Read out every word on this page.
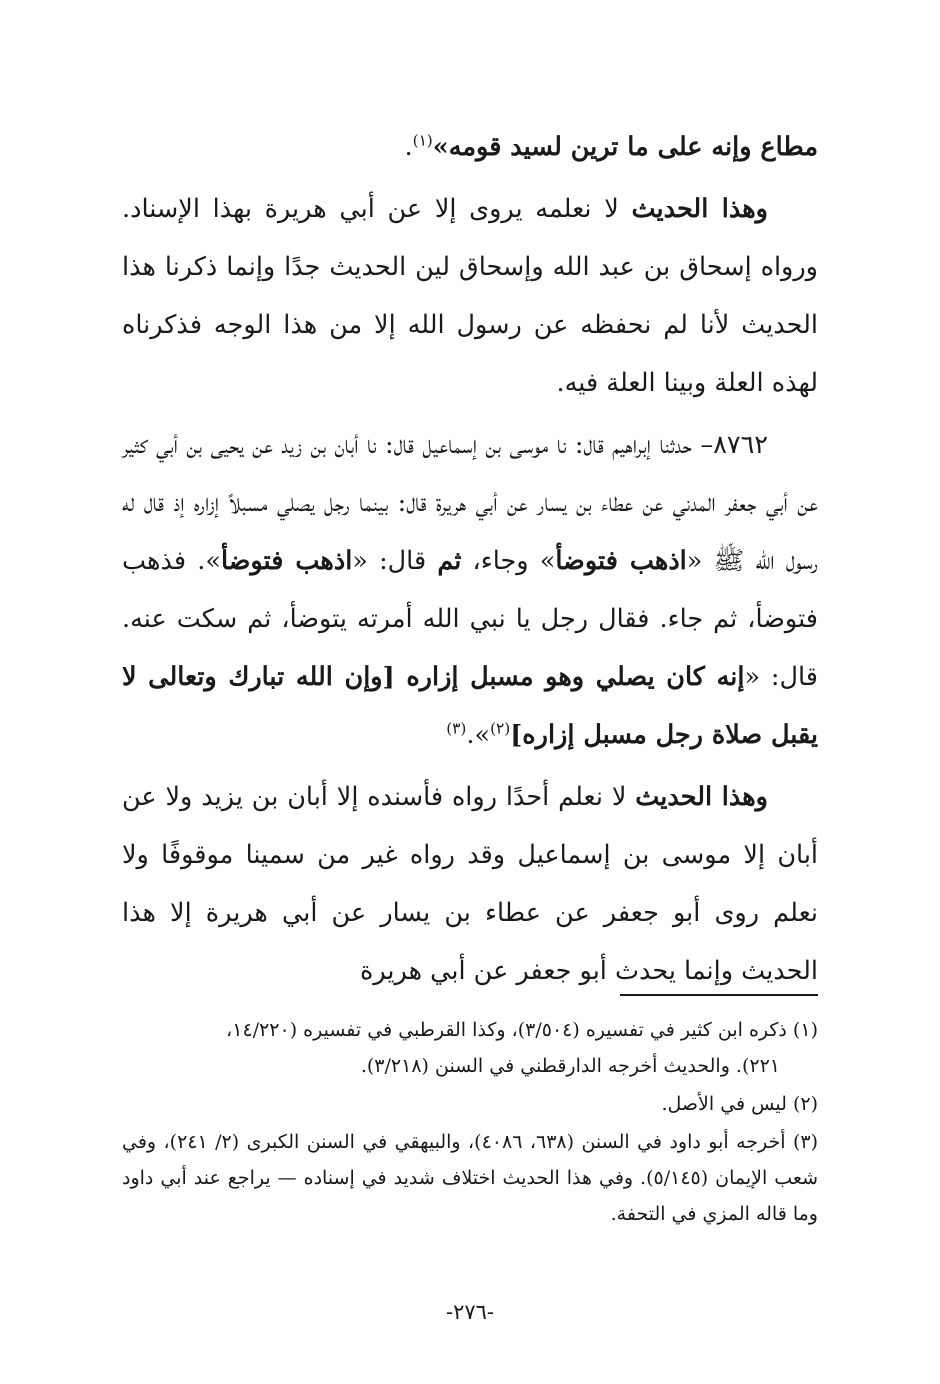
مطاع وإنه على ما ترين لسيد قومه»$^{(١)}$.

وهذا الحديث لا نعلمه يروى إلا عن أبي هريرة بهذا الإسناد. ورواه إسحاق بن عبد الله وإسحاق لين الحديث جدًا وإنما ذكرنا هذا الحديث لأنا لم نحفظه عن رسول الله إلا من هذا الوجه فذكرناه لهذه العلة وبينا العلة فيه.

٨٧٦٢– حدثنا إبراهيم قال: نا موسى بن إسماعيل قال: نا أبان بن زيد عن يحيى بن أبي كثير عن أبي جعفر المدني عن عطاء بن يسار عن أبي هريرة قال: بينما رجل يصلي مسبلاً إزاره إذ قال له رسول الله ﷺ «اذهب فتوضأ» وجاء، ثم قال: «اذهب فتوضأ». فذهب فتوضأ، ثم جاء. فقال رجل يا نبي الله أمرته يتوضأ، ثم سكت عنه. قال: «إنه كان يصلي وهو مسبل إزاره [وإن الله تبارك وتعالى لا يقبل صلاة رجل مسبل إزاره]$^{(٢)}$».$^{(٣)}$

وهذا الحديث لا نعلم أحدًا رواه فأسنده إلا أبان بن يزيد ولا عن أبان إلا موسى بن إسماعيل وقد رواه غير من سمينا موقوفًا ولا نعلم روى أبو جعفر عن عطاء بن يسار عن أبي هريرة إلا هذا الحديث وإنما يحدث أبو جعفر عن أبي هريرة

(١) ذكره ابن كثير في تفسيره (٣/٥٠٤)، وكذا القرطبي في تفسيره (١٤/٢٢٠،
٢٢١). والحديث أخرجه الدارقطني في السنن (٣/٢١٨).

(٢) ليس في الأصل.

(٣) أخرجه أبو داود في السنن (٦٣٨، ٤٠٨٦)، والبيهقي في السنن الكبرى (٢/ ٢٤١)، وفي شعب الإيمان (٥/١٤٥). وفي هذا الحديث اختلاف شديد في إسناده — يراجع عند أبي داود وما قاله المزي في التحفة.

-٢٧٦-
